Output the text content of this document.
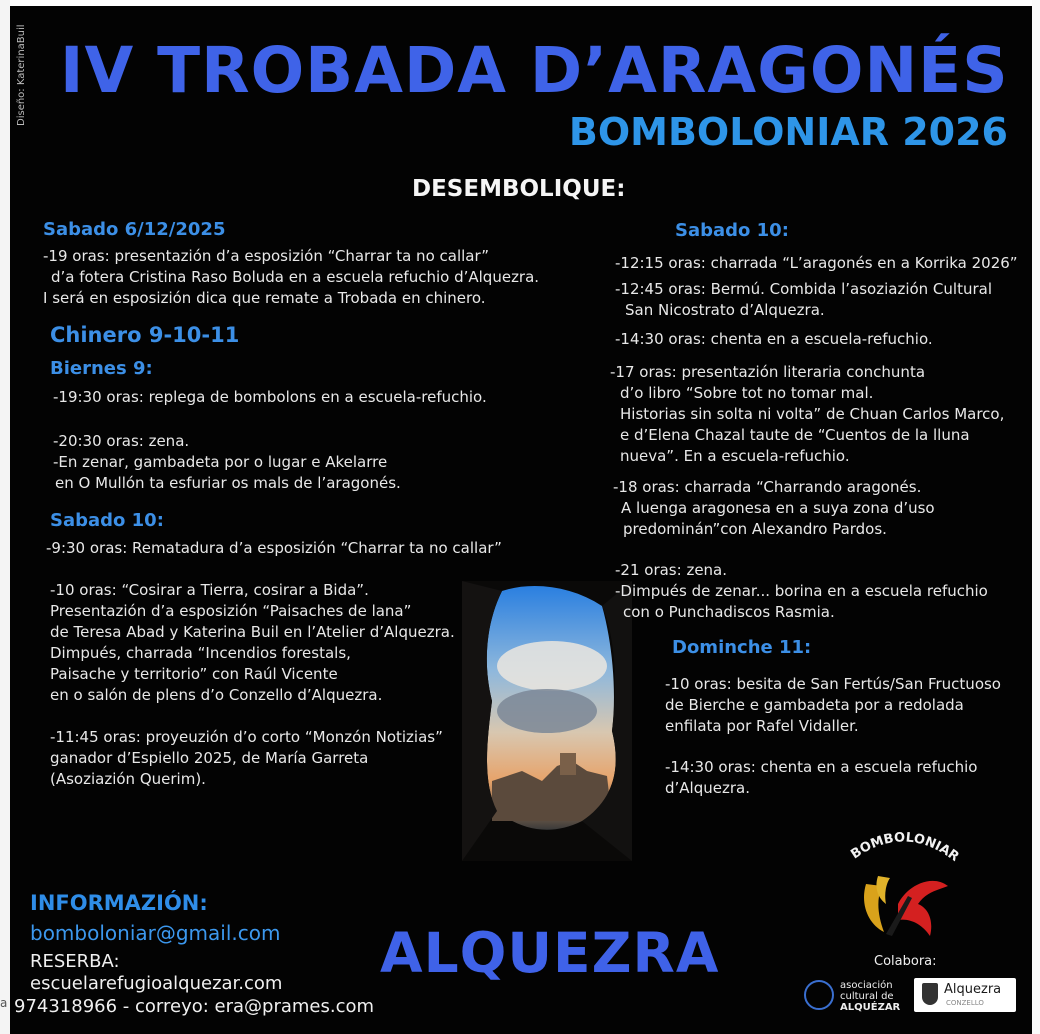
a
Diseño: KaterinaBuil IV TROBADA D’ARAGONÉS
BOMBOLONIAR 2026
DESEMBOLIQUE:
Sabado 6/12/2025

-19 oras: presentazión d’a esposizión “Charrar ta no callar”
d’a fotera Cristina Raso Boluda en a escuela refuchio d’Alquezra.
I será en esposizión dica que remate a Trobada en chinero.

Chinero 9-10-11
Biernes 9:

-19:30 oras: replega de bombolons en a escuela-refuchio.

-20:30 oras: zena.
-En zenar, gambadeta por o lugar e Akelarre
en O Mullón ta esfuriar os mals de l’aragonés.

Sabado 10:

-9:30 oras: Rematadura d’a esposizión “Charrar ta no callar”

-10 oras: “Cosirar a Tierra, cosirar a Bida”.
Presentazión d’a esposizión “Paisaches de lana”
de Teresa Abad y Katerina Buil en l’Atelier d’Alquezra.
Dimpués, charrada “Incendios forestals,
Paisache y territorio” con Raúl Vicente
en o salón de plens d’o Conzello d’Alquezra.

-11:45 oras: proyeuzión d’o corto “Monzón Notizias”
ganador d’Espiello 2025, de María Garreta
(Asoziazión Querim).

Sabado 10:

-12:15 oras: charrada “L’aragonés en a Korrika 2026”

-12:45 oras: Bermú. Combida l’asoziazión Cultural
San Nicostrato d’Alquezra.

-14:30 oras: chenta en a escuela-refuchio.

-17 oras: presentazión literaria conchunta
d’o libro “Sobre tot no tomar mal.
Historias sin solta ni volta” de Chuan Carlos Marco,
e d’Elena Chazal taute de “Cuentos de la lluna
nueva”. En a escuela-refuchio.

-18 oras: charrada “Charrando aragonés.
A luenga aragonesa en a suya zona d’uso
predominán”con Alexandro Pardos.

-21 oras: zena.
-Dimpués de zenar... borina en a escuela refuchio
con o Punchadiscos Rasmia.

Dominche 11:

-10 oras: besita de San Fertús/San Fructuoso
de Bierche e gambadeta por a redolada
enfilata por Rafel Vidaller.

-14:30 oras: chenta en a escuela refuchio
d’Alquezra.

INFORMAZIÓN:
bomboloniar@gmail.com
RESERBA:
escuelarefugioalquezar.com
974318966 - correyo: era@prames.com
ALQUEZRA
BOMBOLONIAR
Colabora:
asociación
cultural de
ALQUÉZAR
Alquezra
CONZELLO
